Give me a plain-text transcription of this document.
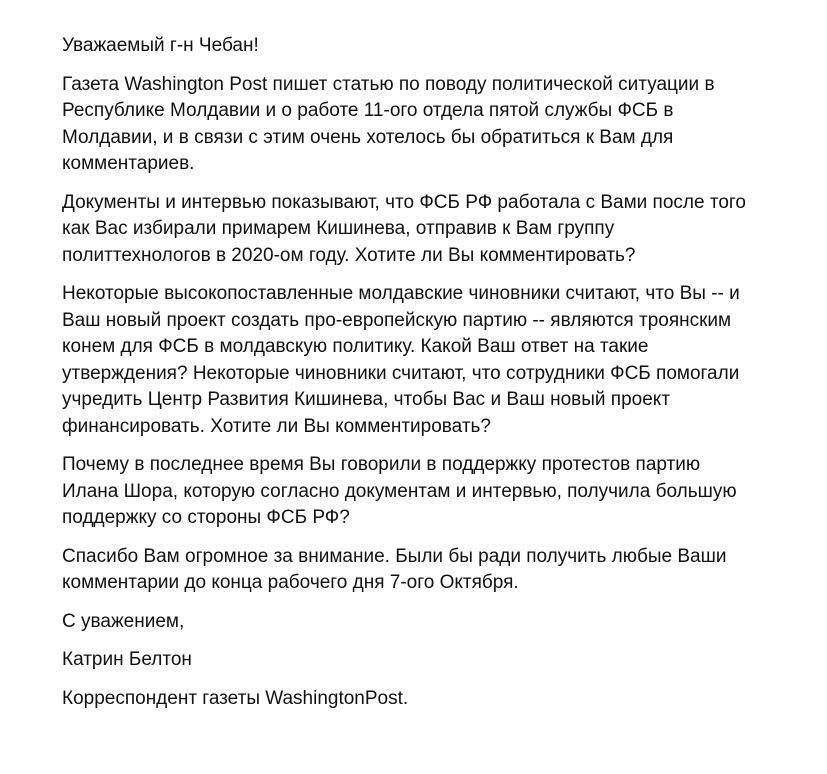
Уважаемый г-н Чебан!

Газета Washington Post пишет статью по поводу политической ситуации в
Республике Молдавии и о работе 11-ого отдела пятой службы ФСБ в
Молдавии, и в связи с этим очень хотелось бы обратиться к Вам для
комментариев.

Документы и интервью показывают, что ФСБ РФ работала с Вами после того
как Вас избирали примарем Кишинева, отправив к Вам группу
политтехнологов в 2020-ом году. Хотите ли Вы комментировать?

Некоторые высокопоставленные молдавские чиновники считают, что Вы -- и
Ваш новый проект создать про-европейскую партию -- являются троянским
конем для ФСБ в молдавскую политику. Какой Ваш ответ на такие
утверждения? Некоторые чиновники считают, что сотрудники ФСБ помогали
учредить Центр Развития Кишинева, чтобы Вас и Ваш новый проект
финансировать. Хотите ли Вы комментировать?

Почему в последнее время Вы говорили в поддержку протестов партию
Илана Шора, которую согласно документам и интервью, получила большую
поддержку со стороны ФСБ РФ?

Спасибо Вам огромное за внимание. Были бы ради получить любые Ваши
комментарии до конца рабочего дня 7-ого Октября.

С уважением,

Катрин Белтон

Корреспондент газеты WashingtonPost.
